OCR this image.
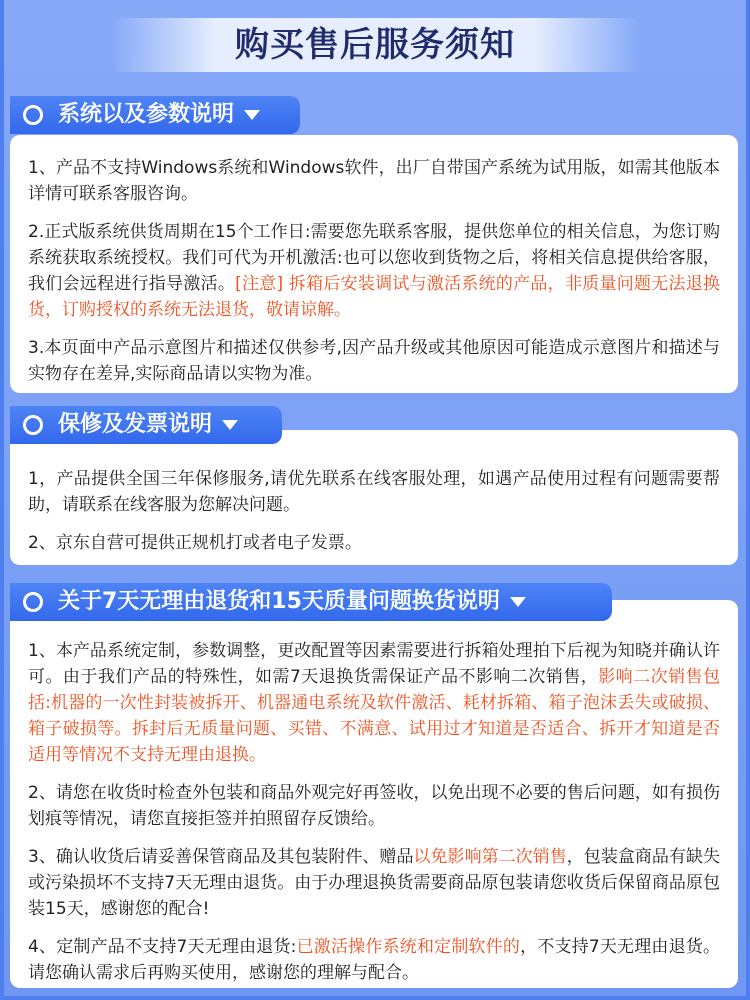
购买售后服务须知

1、产品不支持Windows系统和Windows软件，出厂自带国产系统为试用版，如需其他版本详情可联系客服咨询。

2.正式版系统供货周期在15个工作日:需要您先联系客服，提供您单位的相关信息，为您订购系统获取系统授权。我们可代为开机激活:也可以您收到货物之后，将相关信息提供给客服，我们会远程进行指导激活。[注意] 拆箱后安装调试与激活系统的产品，非质量问题无法退换货，订购授权的系统无法退货，敬请谅解。

3.本页面中产品示意图片和描述仅供参考,因产品升级或其他原因可能造成示意图片和描述与实物存在差异,实际商品请以实物为准。

系统以及参数说明

1，产品提供全国三年保修服务,请优先联系在线客服处理，如遇产品使用过程有问题需要帮助，请联系在线客服为您解决问题。

2、京东自营可提供正规机打或者电子发票。

保修及发票说明

1、本产品系统定制，参数调整，更改配置等因素需要进行拆箱处理拍下后视为知晓并确认许可。由于我们产品的特殊性，如需7天退换货需保证产品不影响二次销售，影响二次销售包括:机器的一次性封装被拆开、机器通电系统及软件激活、耗材拆箱、箱子泡沫丢失或破损、箱子破损等。拆封后无质量问题、买错、不满意、试用过才知道是否适合、拆开才知道是否适用等情况不支持无理由退换。

2、请您在收货时检查外包装和商品外观完好再签收，以免出现不必要的售后问题，如有损伤划痕等情况，请您直接拒签并拍照留存反馈给。

3、确认收货后请妥善保管商品及其包装附件、赠品以免影响第二次销售，包装盒商品有缺失或污染损坏不支持7天无理由退货。由于办理退换货需要商品原包装请您收货后保留商品原包装15天，感谢您的配合!

4、定制产品不支持7天无理由退货:已激活操作系统和定制软件的，不支持7天无理由退货。请您确认需求后再购买使用，感谢您的理解与配合。

关于7天无理由退货和15天质量问题换货说明
